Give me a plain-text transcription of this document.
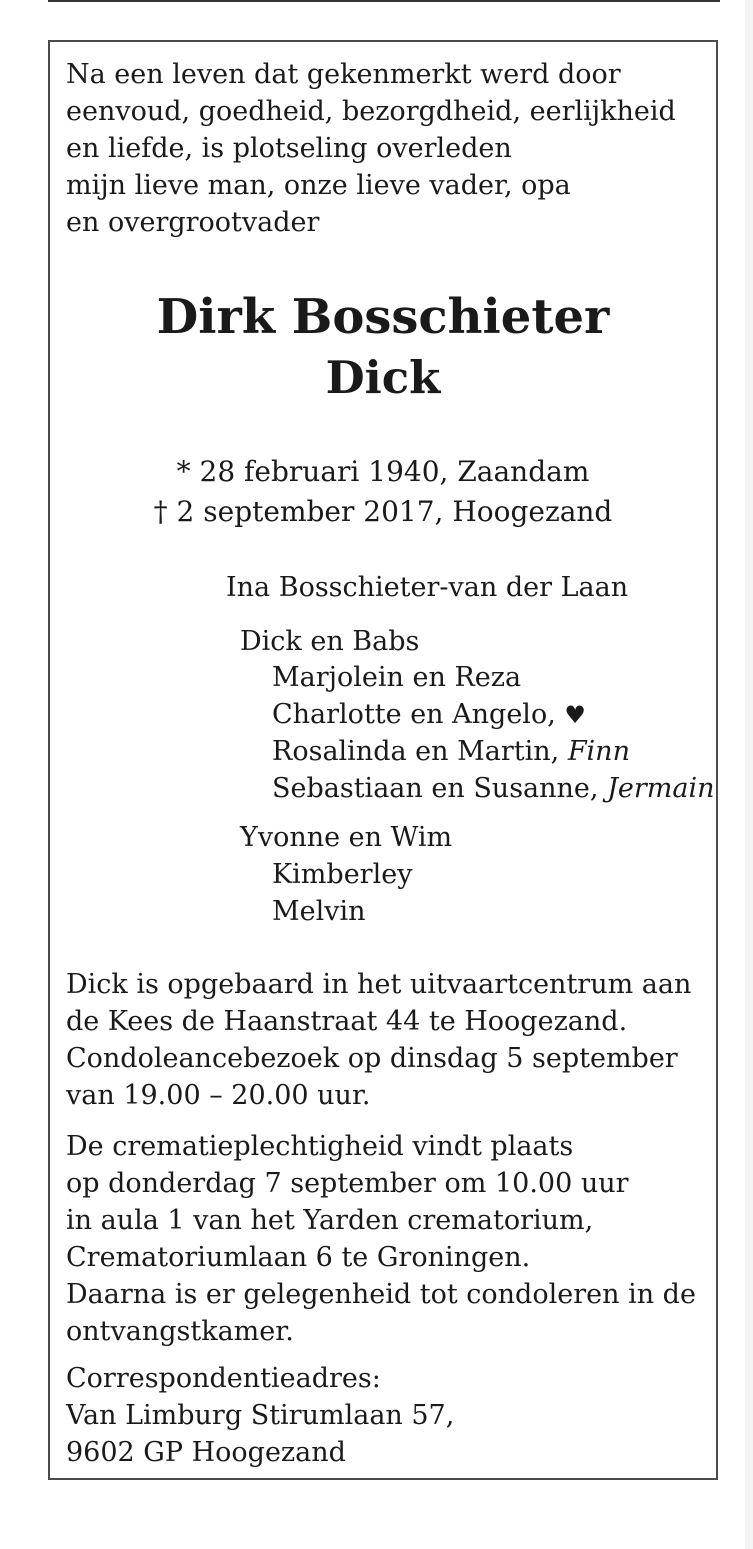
Na een leven dat gekenmerkt werd door

eenvoud, goedheid, bezorgdheid, eerlijkheid

en liefde, is plotseling overleden

mijn lieve man, onze lieve vader, opa

en overgrootvader

Dirk Bosschieter
Dick

* 28 februari 1940, Zaandam

† 2 september 2017, Hoogezand

Ina Bosschieter-van der Laan

Dick en Babs

Marjolein en Reza

Charlotte en Angelo, ♥

Rosalinda en Martin, Finn

Sebastiaan en Susanne, Jermain

Yvonne en Wim

Kimberley

Melvin

Dick is opgebaard in het uitvaartcentrum aan

de Kees de Haanstraat 44 te Hoogezand.

Condoleancebezoek op dinsdag 5 september

van 19.00 – 20.00 uur.

De crematieplechtigheid vindt plaats

op donderdag 7 september om 10.00 uur

in aula 1 van het Yarden crematorium,

Crematoriumlaan 6 te Groningen.

Daarna is er gelegenheid tot condoleren in de

ontvangstkamer.

Correspondentieadres:

Van Limburg Stirumlaan 57,

9602 GP Hoogezand
